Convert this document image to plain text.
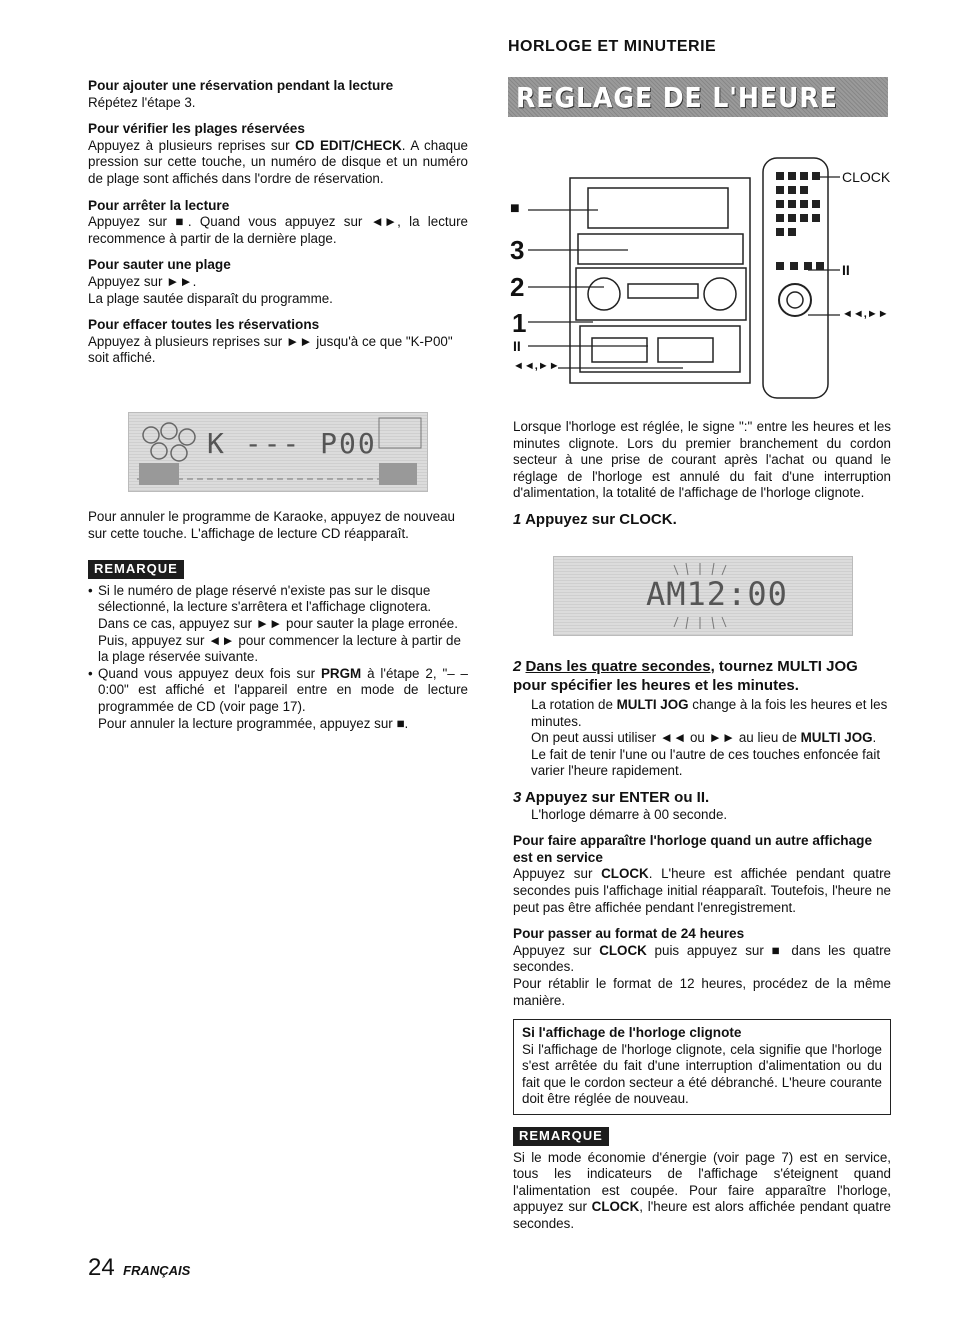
HORLOGE ET MINUTERIE
REGLAGE DE L'HEURE
Pour ajouter une réservation pendant la lecture
Répétez l'étape 3.
Pour vérifier les plages réservées
Appuyez à plusieurs reprises sur CD EDIT/CHECK. A chaque pression sur cette touche, un numéro de disque et un numéro de plage sont affichés dans l'ordre de réservation.
Pour arrêter la lecture
Appuyez sur ■. Quand vous appuyez sur ◄►, la lecture recommence à partir de la dernière plage.
Pour sauter une plage
Appuyez sur ►►.
La plage sautée disparaît du programme.
Pour effacer toutes les réservations
Appuyez à plusieurs reprises sur ►► jusqu'à ce que "K-P00" soit affiché.
K --- P00
Pour annuler le programme de Karaoke, appuyez de nouveau sur cette touche. L'affichage de lecture CD réapparaît.
REMARQUE
• Si le numéro de plage réservé n'existe pas sur le disque sélectionné, la lecture s'arrêtera et l'affichage clignotera.
Dans ce cas, appuyez sur ►► pour sauter la plage erronée. Puis, appuyez sur ◄► pour commencer la lecture à partir de la plage réservée suivante.
• Quand vous appuyez deux fois sur PRGM à l'étape 2, "– – 0:00" est affiché et l'appareil entre en mode de lecture programmée de CD (voir page 17).
Pour annuler la lecture programmée, appuyez sur ■.
■
3
2
1
II
◄◄,►►
CLOCK
II
◄◄,►►
Lorsque l'horloge est réglée, le signe ":" entre les heures et les minutes clignote. Lors du premier branchement du cordon secteur à une prise de courant après l'achat ou quand le réglage de l'horloge est annulé du fait d'une interruption d'alimentation, la totalité de l'affichage de l'horloge clignote.
1 Appuyez sur CLOCK.
AM12:00
2 Dans les quatre secondes, tournez MULTI JOG pour spécifier les heures et les minutes.
La rotation de MULTI JOG change à la fois les heures et les minutes.
On peut aussi utiliser ◄◄ ou ►► au lieu de MULTI JOG. Le fait de tenir l'une ou l'autre de ces touches enfoncée fait varier l'heure rapidement.
3 Appuyez sur ENTER ou II.
L'horloge démarre à 00 seconde.
Pour faire apparaître l'horloge quand un autre affichage est en service
Appuyez sur CLOCK. L'heure est affichée pendant quatre secondes puis l'affichage initial réapparaît. Toutefois, l'heure ne peut pas être affichée pendant l'enregistrement.
Pour passer au format de 24 heures
Appuyez sur CLOCK puis appuyez sur ■ dans les quatre secondes.
Pour rétablir le format de 12 heures, procédez de la même manière.
Si l'affichage de l'horloge clignote
Si l'affichage de l'horloge clignote, cela signifie que l'horloge s'est arrêtée du fait d'une interruption d'alimentation ou du fait que le cordon secteur a été débranché. L'heure courante doit être réglée de nouveau.
REMARQUE
Si le mode économie d'énergie (voir page 7) est en service, tous les indicateurs de l'affichage s'éteignent quand l'alimentation est coupée. Pour faire apparaître l'horloge, appuyez sur CLOCK, l'heure est alors affichée pendant quatre secondes.
24 FRANÇAIS
